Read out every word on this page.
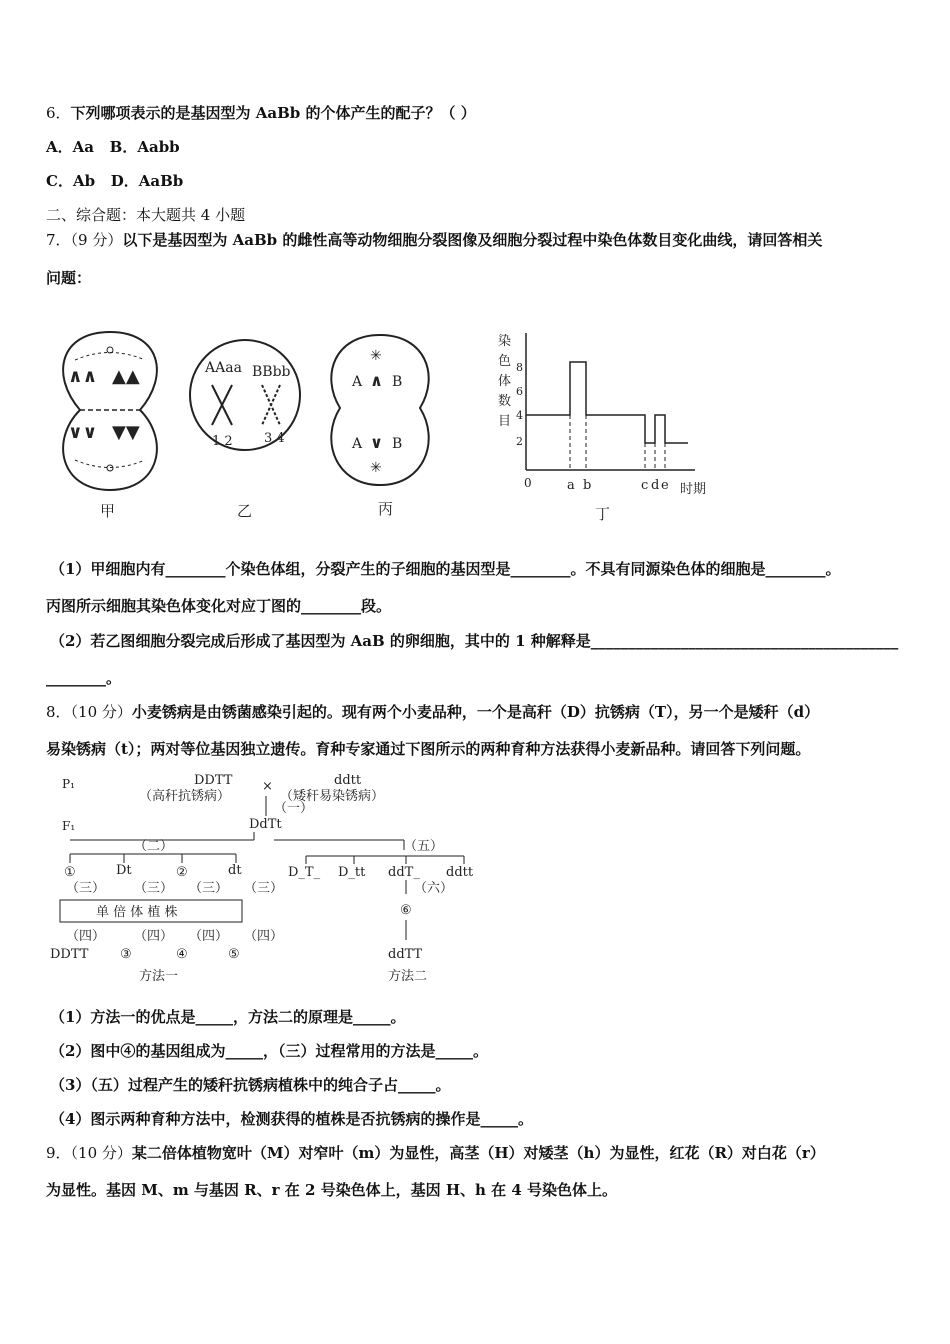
6．下列哪项表示的是基因型为 AaBb 的个体产生的配子？（ ）
A．Aa   B．Aabb
C．Ab   D．AaBb
二、综合题：本大题共 4 小题
7．（9 分）以下是基因型为 AaBb 的雌性高等动物细胞分裂图像及细胞分裂过程中染色体数目变化曲线，请回答相关
问题：
∧∧ ▲▲
∨∨ ▼▼
AAaa BBbb
1 2 3 4
✳
✳
A ∧ B
A ∨ B
甲	乙	丙
染
色
体
数
目
8
6
4
2
0	a b	c d e 时期
丁
（1）甲细胞内有________个染色体组，分裂产生的子细胞的基因型是________。不具有同源染色体的细胞是________。
丙图所示细胞其染色体变化对应丁图的________段。
（2）若乙图细胞分裂完成后形成了基因型为 AaB 的卵细胞，其中的 1 种解释是_________________________________________
________。
8．（10 分）小麦锈病是由锈菌感染引起的。现有两个小麦品种，一个是高秆（D）抗锈病（T），另一个是矮秆（d）
易染锈病（t）；两对等位基因独立遗传。育种专家通过下图所示的两种育种方法获得小麦新品种。请回答下列问题。
P₁	DDTT
（高秆抗锈病）
×	ddtt
（矮秆易染锈病）
（一）
F₁	DdTt
（二）
①	Dt	②	dt
（三） （三） （三） （三）
单 倍 体 植 株
（四） （四） （四） （四）
DDTT ③	④	⑤
方法一
（五）
D_T_ D_tt ddT_ ddtt
（六）
⑥
ddTT
方法二
（1）方法一的优点是_____，方法二的原理是_____。
（2）图中④的基因组成为_____，（三）过程常用的方法是_____。
（3）（五）过程产生的矮秆抗锈病植株中的纯合子占_____。
（4）图示两种育种方法中，检测获得的植株是否抗锈病的操作是_____。
9．（10 分）某二倍体植物宽叶（M）对窄叶（m）为显性，高茎（H）对矮茎（h）为显性，红花（R）对白花（r）
为显性。基因 M、m 与基因 R、r 在 2 号染色体上，基因 H、h 在 4 号染色体上。
